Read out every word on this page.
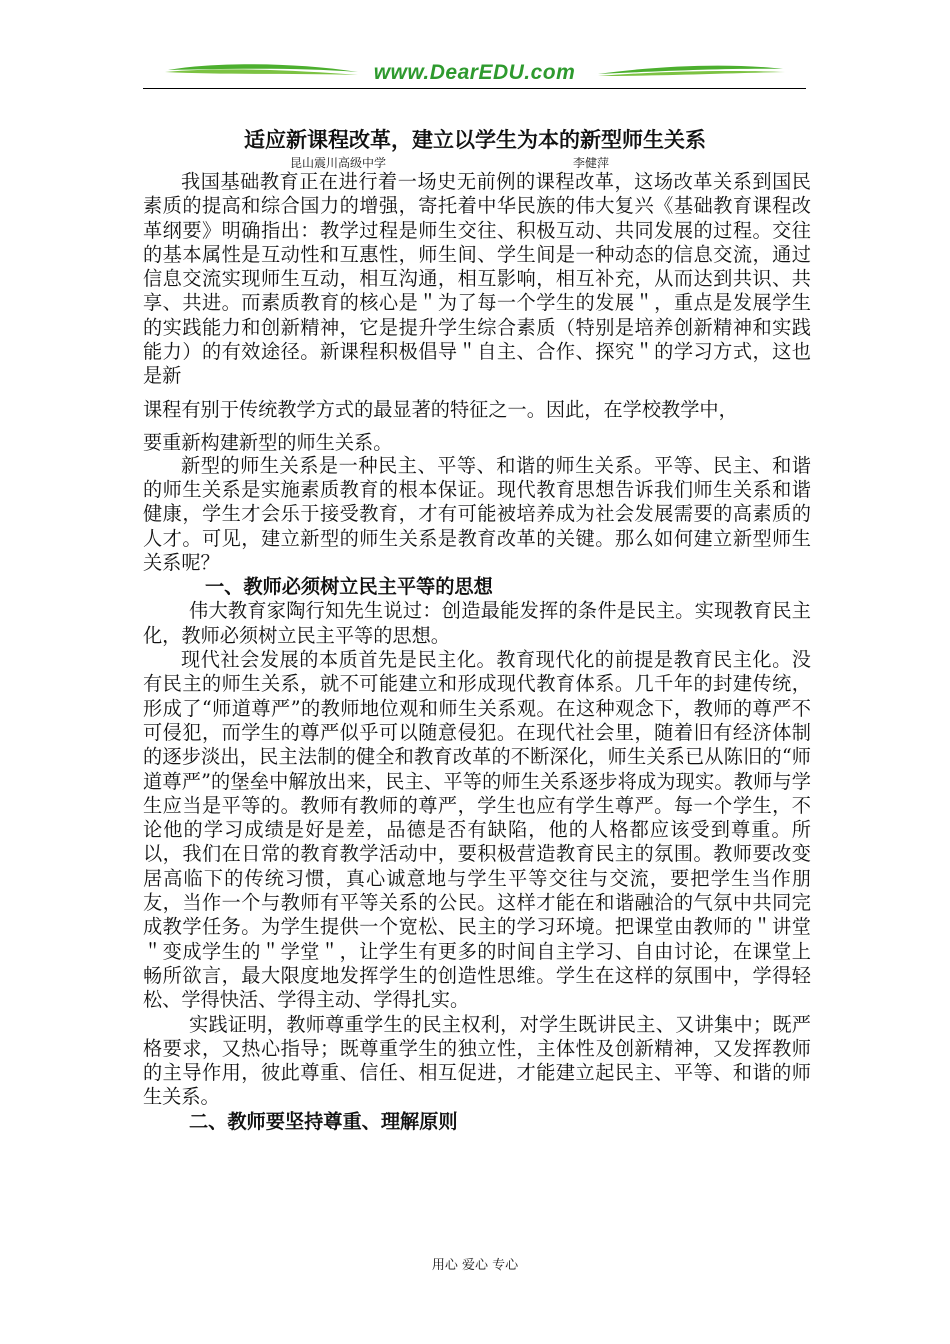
www.DearEDU.com
适应新课程改革，建立以学生为本的新型师生关系
昆山震川高级中学	李健萍

我国基础教育正在进行着一场史无前例的课程改革，这场改革关系到国民素质的提高和综合国力的增强，寄托着中华民族的伟大复兴《基础教育课程改革纲要》明确指出：教学过程是师生交往、积极互动、共同发展的过程。交往的基本属性是互动性和互惠性，师生间、学生间是一种动态的信息交流，通过信息交流实现师生互动，相互沟通，相互影响，相互补充，从而达到共识、共享、共进。而素质教育的核心是＂为了每一个学生的发展＂，重点是发展学生的实践能力和创新精神，它是提升学生综合素质（特别是培养创新精神和实践能力）的有效途径。新课程积极倡导＂自主、合作、探究＂的学习方式，这也是新

课程有别于传统教学方式的最显著的特征之一。因此，在学校教学中，

要重新构建新型的师生关系。

新型的师生关系是一种民主、平等、和谐的师生关系。平等、民主、和谐的师生关系是实施素质教育的根本保证。现代教育思想告诉我们师生关系和谐健康，学生才会乐于接受教育，才有可能被培养成为社会发展需要的高素质的人才。可见，建立新型的师生关系是教育改革的关键。那么如何建立新型师生关系呢？

一、教师必须树立民主平等的思想

伟大教育家陶行知先生说过：创造最能发挥的条件是民主。实现教育民主化，教师必须树立民主平等的思想。

现代社会发展的本质首先是民主化。教育现代化的前提是教育民主化。没有民主的师生关系，就不可能建立和形成现代教育体系。几千年的封建传统，形成了“师道尊严”的教师地位观和师生关系观。在这种观念下，教师的尊严不可侵犯，而学生的尊严似乎可以随意侵犯。在现代社会里，随着旧有经济体制的逐步淡出，民主法制的健全和教育改革的不断深化，师生关系已从陈旧的“师道尊严”的堡垒中解放出来，民主、平等的师生关系逐步将成为现实。教师与学生应当是平等的。教师有教师的尊严，学生也应有学生尊严。每一个学生，不论他的学习成绩是好是差，品德是否有缺陷，他的人格都应该受到尊重。所以，我们在日常的教育教学活动中，要积极营造教育民主的氛围。教师要改变居高临下的传统习惯，真心诚意地与学生平等交往与交流，要把学生当作朋友，当作一个与教师有平等关系的公民。这样才能在和谐融洽的气氛中共同完成教学任务。为学生提供一个宽松、民主的学习环境。把课堂由教师的＂讲堂＂变成学生的＂学堂＂，让学生有更多的时间自主学习、自由讨论，在课堂上畅所欲言，最大限度地发挥学生的创造性思维。学生在这样的氛围中，学得轻松、学得快活、学得主动、学得扎实。

实践证明，教师尊重学生的民主权利，对学生既讲民主、又讲集中；既严格要求，又热心指导；既尊重学生的独立性，主体性及创新精神，又发挥教师的主导作用，彼此尊重、信任、相互促进，才能建立起民主、平等、和谐的师生关系。

二、教师要坚持尊重、理解原则
用心 爱心 专心
